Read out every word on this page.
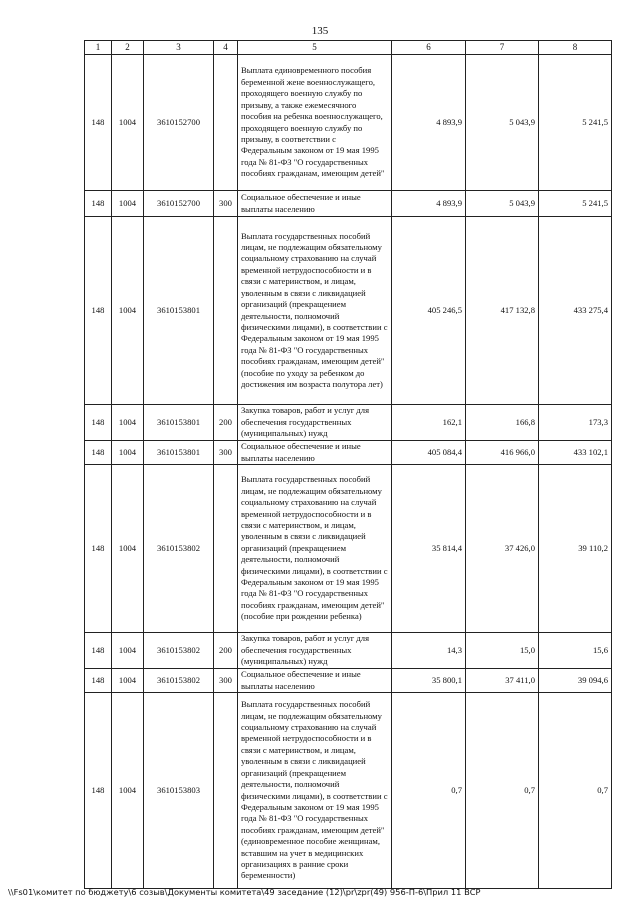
135
1	2	3	4	5	6	7	8
148	1004	3610152700		Выплата единовременного пособия беременной жене военнослужащего, проходящего военную службу по призыву, а также ежемесячного пособия на ребенка военнослужащего, проходящего военную службу по призыву, в соответствии с Федеральным законом от 19 мая 1995 года № 81-ФЗ "О государственных пособиях гражданам, имеющим детей"	4 893,9	5 043,9	5 241,5
148	1004	3610152700	300	Социальное обеспечение и иные выплаты населению	4 893,9	5 043,9	5 241,5
148	1004	3610153801		Выплата государственных пособий лицам, не подлежащим обязательному социальному страхованию на случай временной нетрудоспособности и в связи с материнством, и лицам, уволенным в связи с ликвидацией организаций (прекращением деятельности, полномочий физическими лицами), в соответствии с Федеральным законом от 19 мая 1995 года № 81-ФЗ "О государственных пособиях гражданам, имеющим детей" (пособие по уходу за ребенком до достижения им возраста полутора лет)	405 246,5	417 132,8	433 275,4
148	1004	3610153801	200	Закупка товаров, работ и услуг для обеспечения государственных (муниципальных) нужд	162,1	166,8	173,3
148	1004	3610153801	300	Социальное обеспечение и иные выплаты населению	405 084,4	416 966,0	433 102,1
148	1004	3610153802		Выплата государственных пособий лицам, не подлежащим обязательному социальному страхованию на случай временной нетрудоспособности и в связи с материнством, и лицам, уволенным в связи с ликвидацией организаций (прекращением деятельности, полномочий физическими лицами), в соответствии с Федеральным законом от 19 мая 1995 года № 81-ФЗ "О государственных пособиях гражданам, имеющим детей" (пособие при рождении ребенка)	35 814,4	37 426,0	39 110,2
148	1004	3610153802	200	Закупка товаров, работ и услуг для обеспечения государственных (муниципальных) нужд	14,3	15,0	15,6
148	1004	3610153802	300	Социальное обеспечение и иные выплаты населению	35 800,1	37 411,0	39 094,6
148	1004	3610153803		Выплата государственных пособий лицам, не подлежащим обязательному социальному страхованию на случай временной нетрудоспособности и в связи с материнством, и лицам, уволенным в связи с ликвидацией организаций (прекращением деятельности, полномочий физическими лицами), в соответствии с Федеральным законом от 19 мая 1995 года № 81-ФЗ "О государственных пособиях гражданам, имеющим детей" (единовременное пособие женщинам, вставшим на учет в медицинских организациях в ранние сроки беременности)	0,7	0,7	0,7
\\Fs01\комитет по бюджету\6 созыв\Документы комитета\49 заседание (12)\pr\zpr(49) 956-П-6\Прил 11 ВСР
